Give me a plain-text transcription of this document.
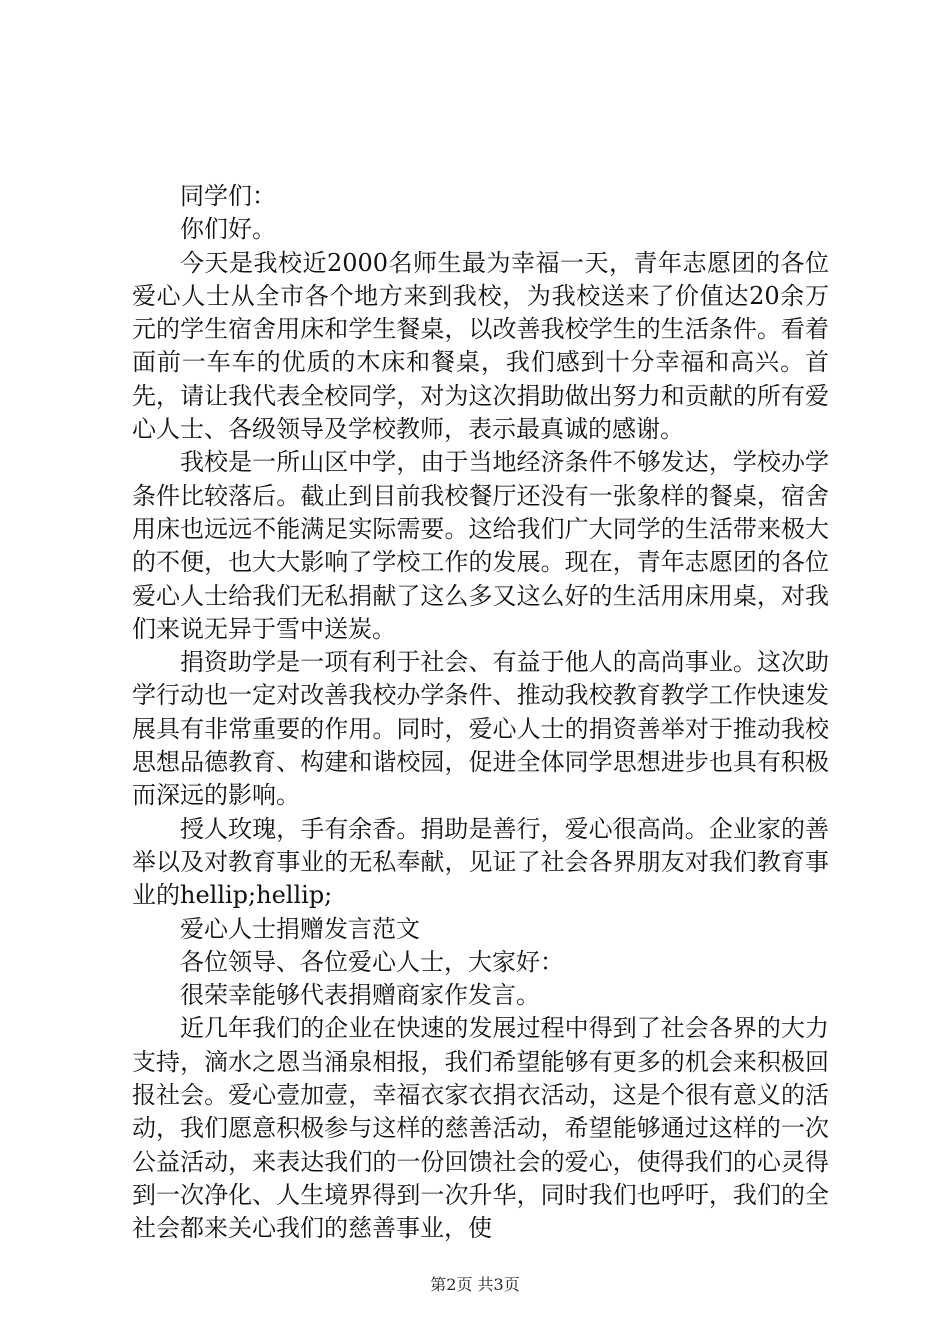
同学们：

你们好。

今天是我校近2000名师生最为幸福一天，青年志愿团的各位爱心人士从全市各个地方来到我校，为我校送来了价值达20余万元的学生宿舍用床和学生餐桌，以改善我校学生的生活条件。看着面前一车车的优质的木床和餐桌，我们感到十分幸福和高兴。首先，请让我代表全校同学，对为这次捐助做出努力和贡献的所有爱心人士、各级领导及学校教师，表示最真诚的感谢。

我校是一所山区中学，由于当地经济条件不够发达，学校办学条件比较落后。截止到目前我校餐厅还没有一张象样的餐桌，宿舍用床也远远不能满足实际需要。这给我们广大同学的生活带来极大的不便，也大大影响了学校工作的发展。现在，青年志愿团的各位爱心人士给我们无私捐献了这么多又这么好的生活用床用桌，对我们来说无异于雪中送炭。

捐资助学是一项有利于社会、有益于他人的高尚事业。这次助学行动也一定对改善我校办学条件、推动我校教育教学工作快速发展具有非常重要的作用。同时，爱心人士的捐资善举对于推动我校思想品德教育、构建和谐校园，促进全体同学思想进步也具有积极而深远的影响。

授人玫瑰，手有余香。捐助是善行，爱心很高尚。企业家的善举以及对教育事业的无私奉献，见证了社会各界朋友对我们教育事业的hellip;hellip;

爱心人士捐赠发言范文

各位领导、各位爱心人士，大家好：

很荣幸能够代表捐赠商家作发言。

近几年我们的企业在快速的发展过程中得到了社会各界的大力支持，滴水之恩当涌泉相报，我们希望能够有更多的机会来积极回报社会。爱心壹加壹，幸福衣家衣捐衣活动，这是个很有意义的活动，我们愿意积极参与这样的慈善活动，希望能够通过这样的一次公益活动，来表达我们的一份回馈社会的爱心，使得我们的心灵得到一次净化、人生境界得到一次升华，同时我们也呼吁，我们的全社会都来关心我们的慈善事业，使

第2页 共3页
